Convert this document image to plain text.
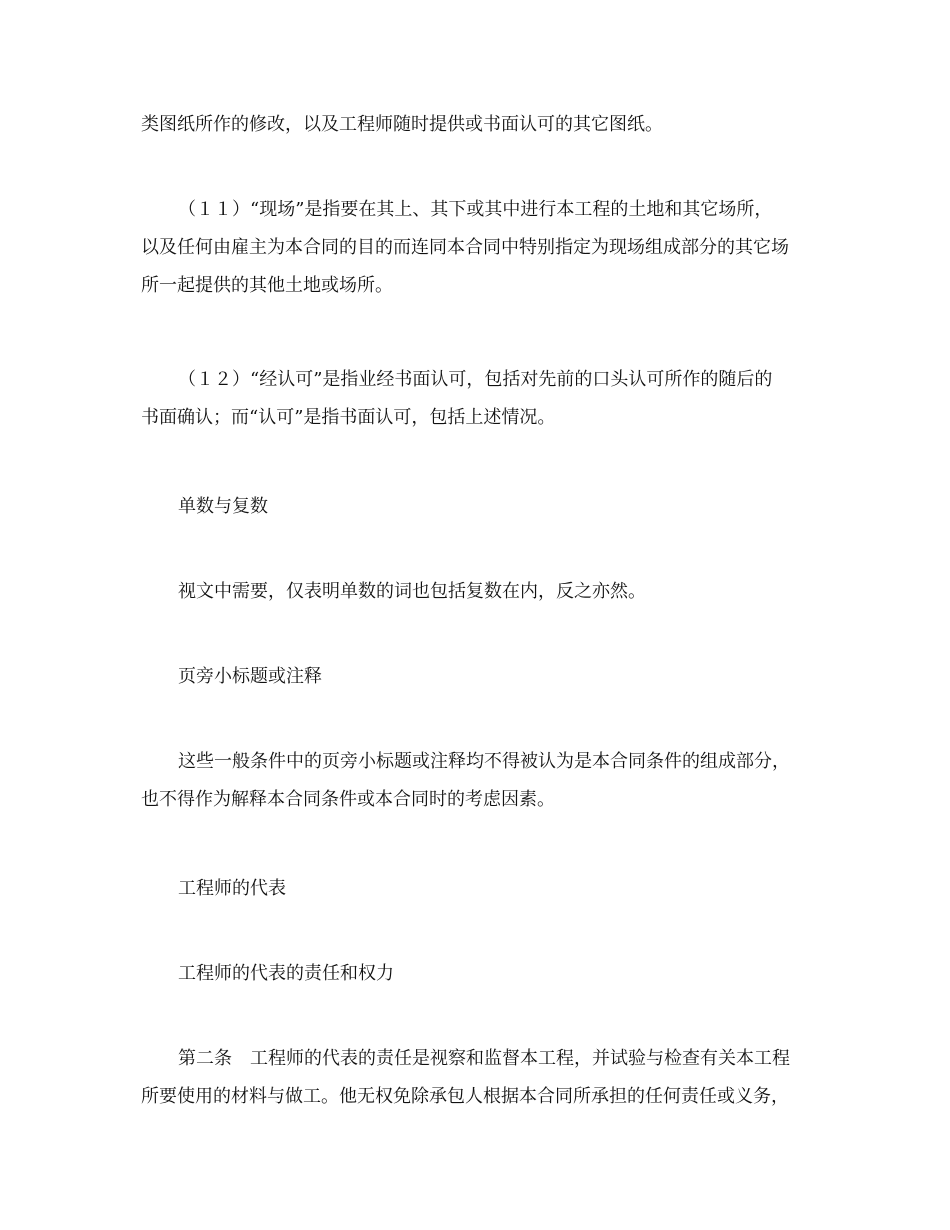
类图纸所作的修改，以及工程师随时提供或书面认可的其它图纸。

（１１）“现场”是指要在其上、其下或其中进行本工程的土地和其它场所，
以及任何由雇主为本合同的目的而连同本合同中特别指定为现场组成部分的其它场
所一起提供的其他土地或场所。

（１２）“经认可”是指业经书面认可，包括对先前的口头认可所作的随后的
书面确认；而“认可”是指书面认可，包括上述情况。

单数与复数

视文中需要，仅表明单数的词也包括复数在内，反之亦然。

页旁小标题或注释

这些一般条件中的页旁小标题或注释均不得被认为是本合同条件的组成部分，
也不得作为解释本合同条件或本合同时的考虑因素。

工程师的代表

工程师的代表的责任和权力

第二条　工程师的代表的责任是视察和监督本工程，并试验与检查有关本工程
所要使用的材料与做工。他无权免除承包人根据本合同所承担的任何责任或义务，
